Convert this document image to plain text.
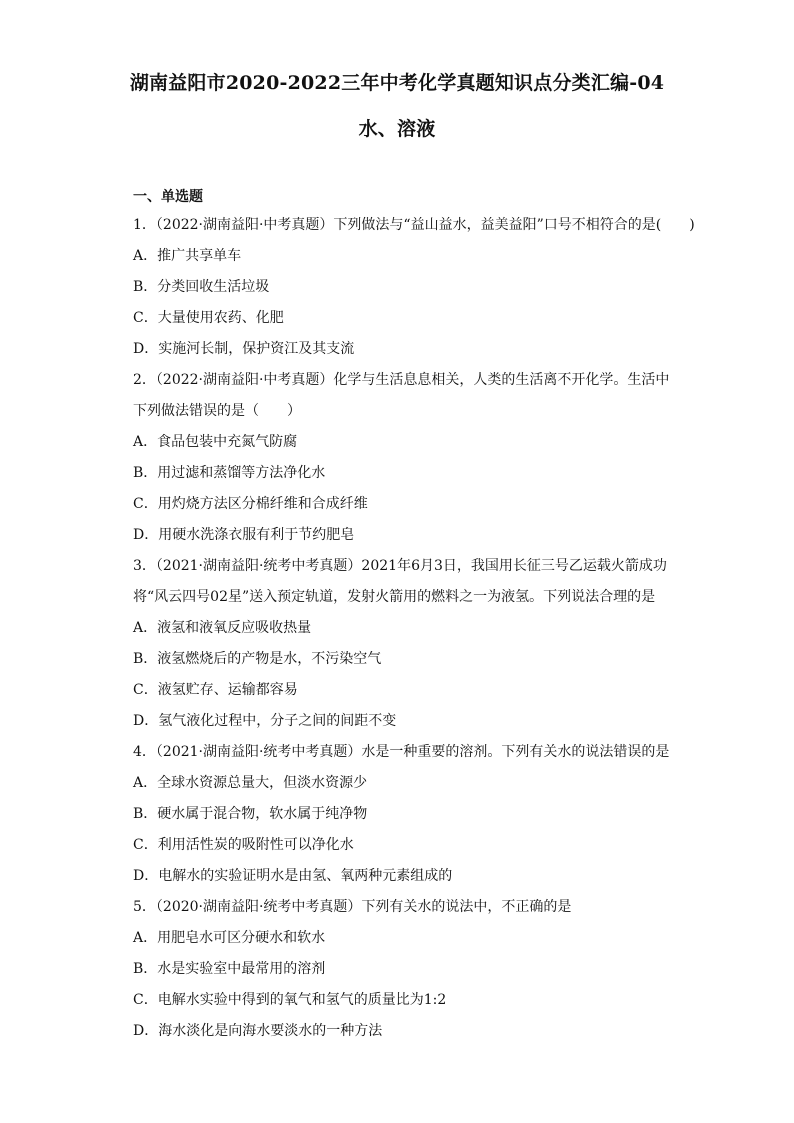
湖南益阳市2020-2022三年中考化学真题知识点分类汇编-04
水、溶液
一、单选题
1．（2022·湖南益阳·中考真题）下列做法与“益山益水，益美益阳”口号不相符合的是(　　)
A．推广共享单车
B．分类回收生活垃圾
C．大量使用农药、化肥
D．实施河长制，保护资江及其支流
2．（2022·湖南益阳·中考真题）化学与生活息息相关，人类的生活离不开化学。生活中
下列做法错误的是（　　）
A．食品包装中充氮气防腐
B．用过滤和蒸馏等方法净化水
C．用灼烧方法区分棉纤维和合成纤维
D．用硬水洗涤衣服有利于节约肥皂
3．（2021·湖南益阳·统考中考真题）2021年6月3日，我国用长征三号乙运载火箭成功
将“风云四号02星”送入预定轨道，发射火箭用的燃料之一为液氢。下列说法合理的是
A．液氢和液氧反应吸收热量
B．液氢燃烧后的产物是水，不污染空气
C．液氢贮存、运输都容易
D．氢气液化过程中，分子之间的间距不变
4．（2021·湖南益阳·统考中考真题）水是一种重要的溶剂。下列有关水的说法错误的是
A．全球水资源总量大，但淡水资源少
B．硬水属于混合物，软水属于纯净物
C．利用活性炭的吸附性可以净化水
D．电解水的实验证明水是由氢、氧两种元素组成的
5．（2020·湖南益阳·统考中考真题）下列有关水的说法中，不正确的是
A．用肥皂水可区分硬水和软水
B．水是实验室中最常用的溶剂
C．电解水实验中得到的氧气和氢气的质量比为1:2
D．海水淡化是向海水要淡水的一种方法
